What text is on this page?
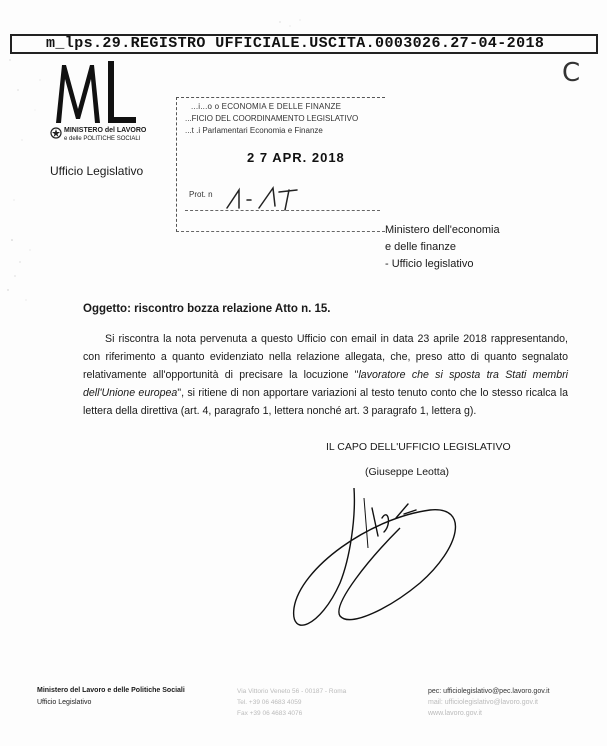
m_lps.29.REGISTRO UFFICIALE.USCITA.0003026.27-04-2018
C
MINISTERO del LAVORO
e delle POLITICHE SOCIALI
Ufficio Legislativo
...i...o o ECONOMIA E DELLE FINANZE
...FICIO DEL COORDINAMENTO LEGISLATIVO
...t .i Parlamentari Economia e Finanze
2 7 APR. 2018
Prot. n
Ministero dell'economia
e delle finanze
- Ufficio legislativo
Oggetto: riscontro bozza relazione Atto n. 15.

Si riscontra la nota pervenuta a questo Ufficio con email in data 23 aprile 2018 rappresentando, con riferimento a quanto evidenziato nella relazione allegata, che, preso atto di quanto segnalato relativamente all'opportunità di precisare la locuzione "lavoratore che si sposta tra Stati membri dell'Unione europea", si ritiene di non apportare variazioni al testo tenuto conto che lo stesso ricalca la lettera della direttiva (art. 4, paragrafo 1, lettera nonché art. 3 paragrafo 1, lettera g).

IL CAPO DELL'UFFICIO LEGISLATIVO
(Giuseppe Leotta)
Ministero del Lavoro e delle Politiche Sociali
Ufficio Legislativo
Via Vittorio Veneto 56 - 00187 - Roma
Tel. +39 06 4683 4059
Fax +39 06 4683 4076
pec: ufficiolegislativo@pec.lavoro.gov.it
mail: ufficiolegislativo@lavoro.gov.it
www.lavoro.gov.it
